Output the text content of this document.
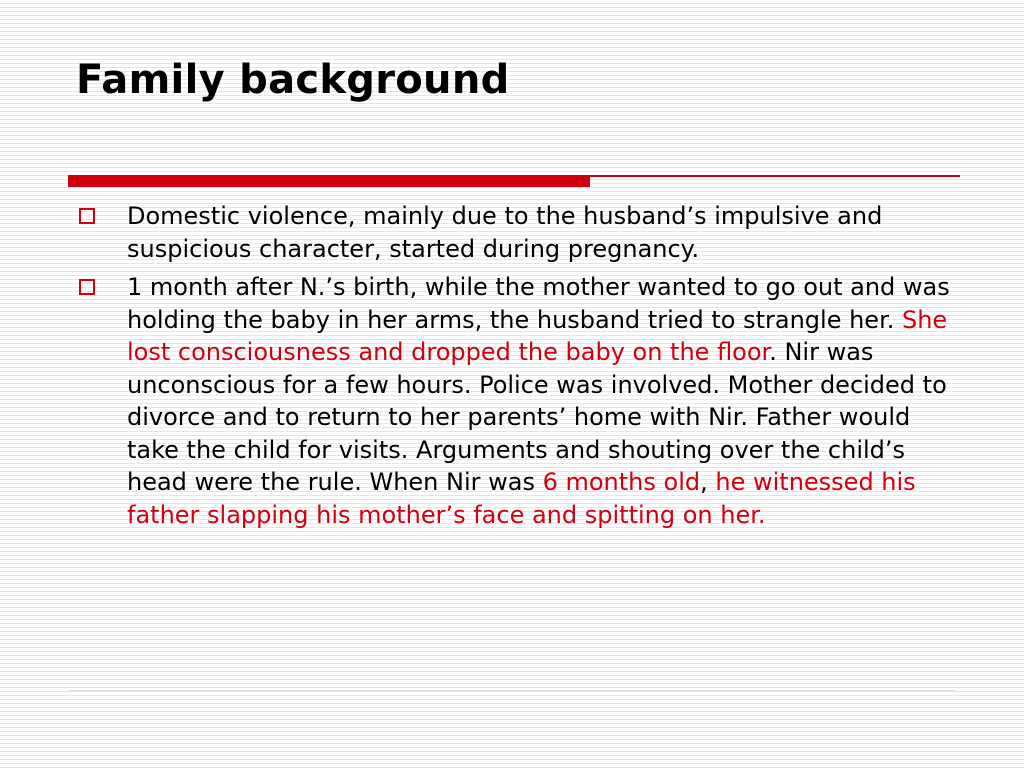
Family background
Domestic violence, mainly due to the husband’s impulsive and suspicious character, started during pregnancy.
1 month after N.’s birth, while the mother wanted to go out and was holding the baby in her arms, the husband tried to strangle her. She lost consciousness and dropped the baby on the floor. Nir was unconscious for a few hours. Police was involved. Mother decided to divorce and to return to her parents’ home with Nir. Father would take the child for visits. Arguments and shouting over the child’s head were the rule. When Nir was 6 months old, he witnessed his father slapping his mother’s face and spitting on her.
